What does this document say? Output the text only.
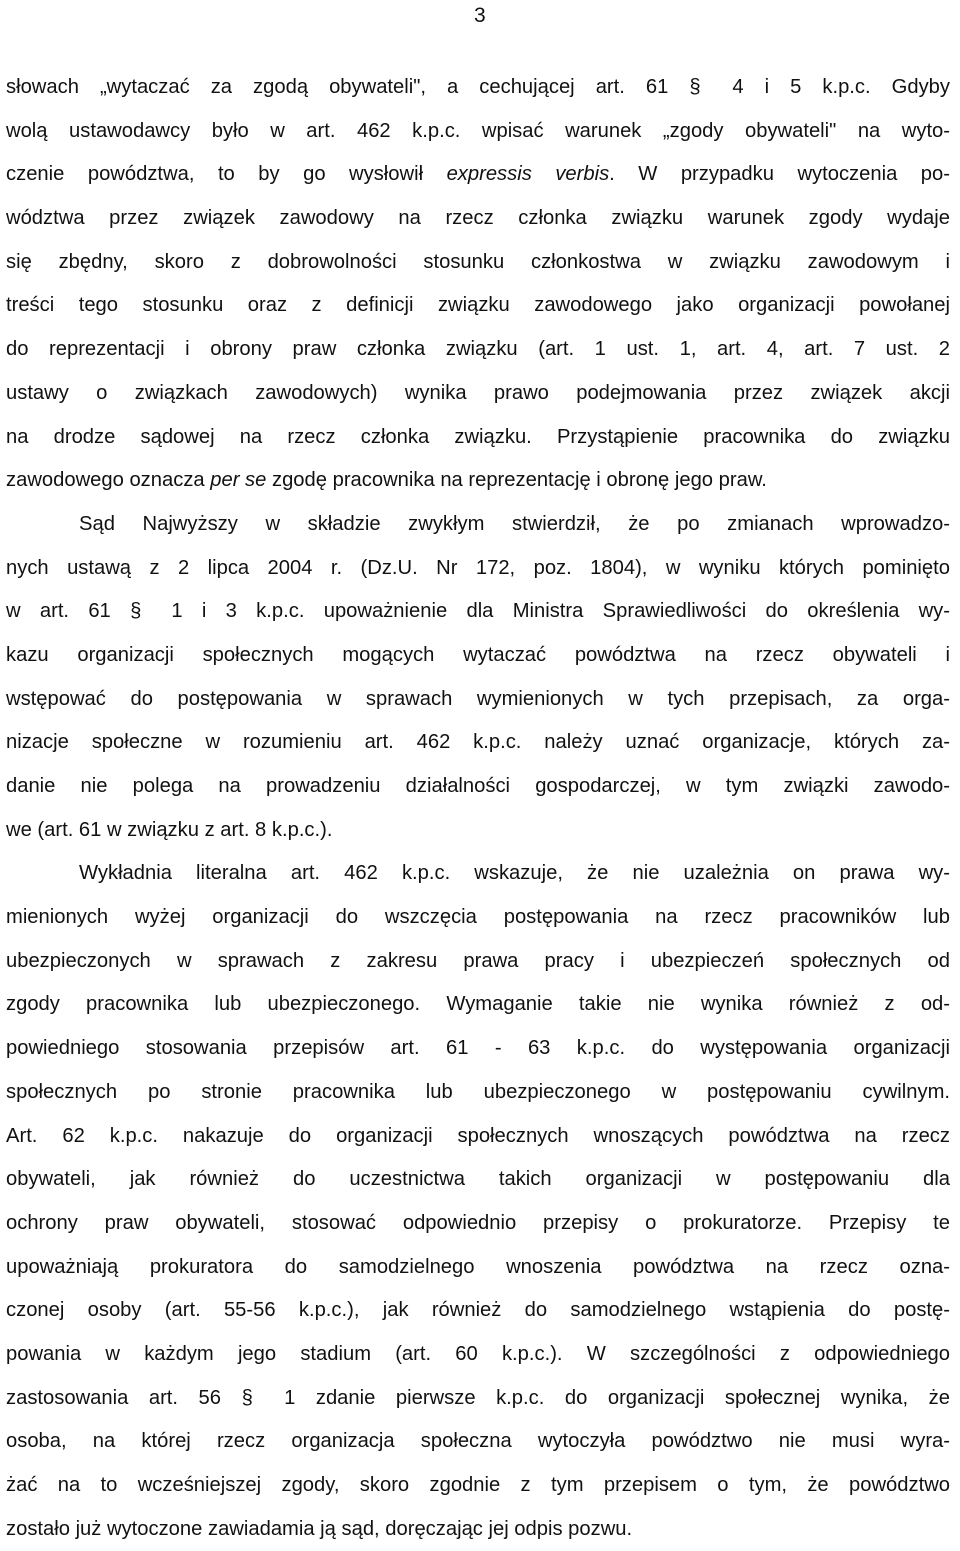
3
słowach „wytaczać za zgodą obywateli", a cechującej art. 61 § 4 i 5 k.p.c. Gdyby
wolą ustawodawcy było w art. 462 k.p.c. wpisać warunek „zgody obywateli" na wyto-
czenie powództwa, to by go wysłowił expressis verbis. W przypadku wytoczenia po-
wództwa przez związek zawodowy na rzecz członka związku warunek zgody wydaje
się zbędny, skoro z dobrowolności stosunku członkostwa w związku zawodowym i
treści tego stosunku oraz z definicji związku zawodowego jako organizacji powołanej
do reprezentacji i obrony praw członka związku (art. 1 ust. 1, art. 4, art. 7 ust. 2
ustawy o związkach zawodowych) wynika prawo podejmowania przez związek akcji
na drodze sądowej na rzecz członka związku. Przystąpienie pracownika do związku
zawodowego oznacza per se zgodę pracownika na reprezentację i obronę jego praw.
Sąd Najwyższy w składzie zwykłym stwierdził, że po zmianach wprowadzo-
nych ustawą z 2 lipca 2004 r. (Dz.U. Nr 172, poz. 1804), w wyniku których pominięto
w art. 61 § 1 i 3 k.p.c. upoważnienie dla Ministra Sprawiedliwości do określenia wy-
kazu organizacji społecznych mogących wytaczać powództwa na rzecz obywateli i
wstępować do postępowania w sprawach wymienionych w tych przepisach, za orga-
nizacje społeczne w rozumieniu art. 462 k.p.c. należy uznać organizacje, których za-
danie nie polega na prowadzeniu działalności gospodarczej, w tym związki zawodo-
we (art. 61 w związku z art. 8 k.p.c.).
Wykładnia literalna art. 462 k.p.c. wskazuje, że nie uzależnia on prawa wy-
mienionych wyżej organizacji do wszczęcia postępowania na rzecz pracowników lub
ubezpieczonych w sprawach z zakresu prawa pracy i ubezpieczeń społecznych od
zgody pracownika lub ubezpieczonego. Wymaganie takie nie wynika również z od-
powiedniego stosowania przepisów art. 61 - 63 k.p.c. do występowania organizacji
społecznych po stronie pracownika lub ubezpieczonego w postępowaniu cywilnym.
Art. 62 k.p.c. nakazuje do organizacji społecznych wnoszących powództwa na rzecz
obywateli, jak również do uczestnictwa takich organizacji w postępowaniu dla
ochrony praw obywateli, stosować odpowiednio przepisy o prokuratorze. Przepisy te
upoważniają prokuratora do samodzielnego wnoszenia powództwa na rzecz ozna-
czonej osoby (art. 55-56 k.p.c.), jak również do samodzielnego wstąpienia do postę-
powania w każdym jego stadium (art. 60 k.p.c.). W szczególności z odpowiedniego
zastosowania art. 56 § 1 zdanie pierwsze k.p.c. do organizacji społecznej wynika, że
osoba, na której rzecz organizacja społeczna wytoczyła powództwo nie musi wyra-
żać na to wcześniejszej zgody, skoro zgodnie z tym przepisem o tym, że powództwo
zostało już wytoczone zawiadamia ją sąd, doręczając jej odpis pozwu.
